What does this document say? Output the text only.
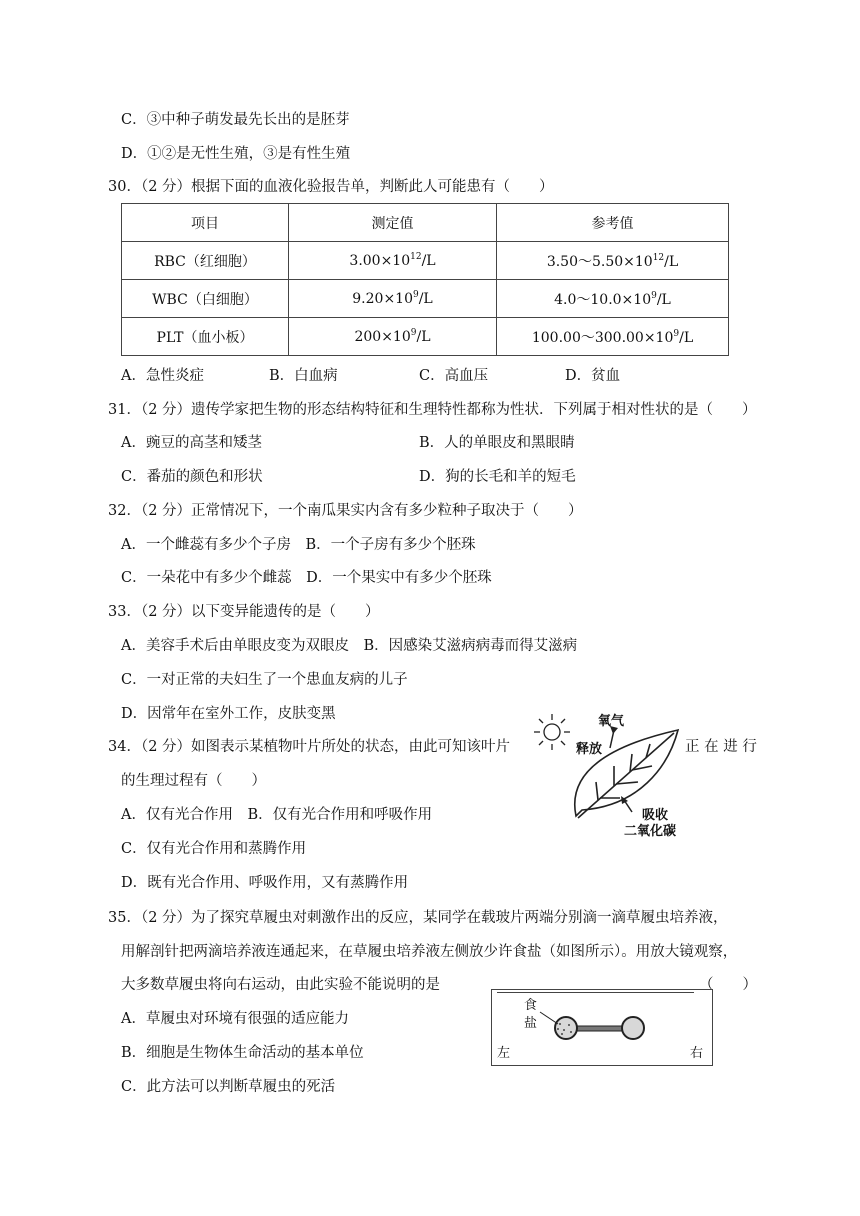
C．③中种子萌发最先长出的是胚芽
D．①②是无性生殖，③是有性生殖
30．（2 分）根据下面的血液化验报告单，判断此人可能患有（　　）
项目	测定值	参考值
RBC（红细胞）	$3.00\times 10^{12}/L$	$3.50\sim 5.50\times 10^{12}/L$
WBC（白细胞）	$9.20\times 10^9/L$	$4.0\sim 10.0\times 10^9/L$
PLT（血小板）	$200\times 10^9/L$	$100.00\sim 300.00\times 10^9/L$
A．急性炎症	B．白血病	C．高血压	D．贫血
31．（2 分）遗传学家把生物的形态结构特征和生理特性都称为性状．下列属于相对性状的是（　　）
A．豌豆的高茎和矮茎	B．人的单眼皮和黑眼睛
C．番茄的颜色和形状	D．狗的长毛和羊的短毛
32．（2 分）正常情况下，一个南瓜果实内含有多少粒种子取决于（　　）
A．一个雌蕊有多少个子房　B．一个子房有多少个胚珠
C．一朵花中有多少个雌蕊　D．一个果实中有多少个胚珠
33．（2 分）以下变异能遗传的是（　　）
A．美容手术后由单眼皮变为双眼皮　B．因感染艾滋病病毒而得艾滋病
C．一对正常的夫妇生了一个患血友病的儿子
D．因常年在室外工作，皮肤变黑
34．（2 分）如图表示某植物叶片所处的状态，由此可知该叶片	正 在 进 行
的生理过程有（　　）
A．仅有光合作用　B．仅有光合作用和呼吸作用
C．仅有光合作用和蒸腾作用
D．既有光合作用、呼吸作用，又有蒸腾作用
氧气
释放
吸收
二氧化碳
35．（2 分）为了探究草履虫对刺激作出的反应，某同学在载玻片两端分别滴一滴草履虫培养液，
用解剖针把两滴培养液连通起来，在草履虫培养液左侧放少许食盐（如图所示）。用放大镜观察，
大多数草履虫将向右运动，由此实验不能说明的是	（　　）
A．草履虫对环境有很强的适应能力
B．细胞是生物体生命活动的基本单位
C．此方法可以判断草履虫的死活
食
盐
左	右
